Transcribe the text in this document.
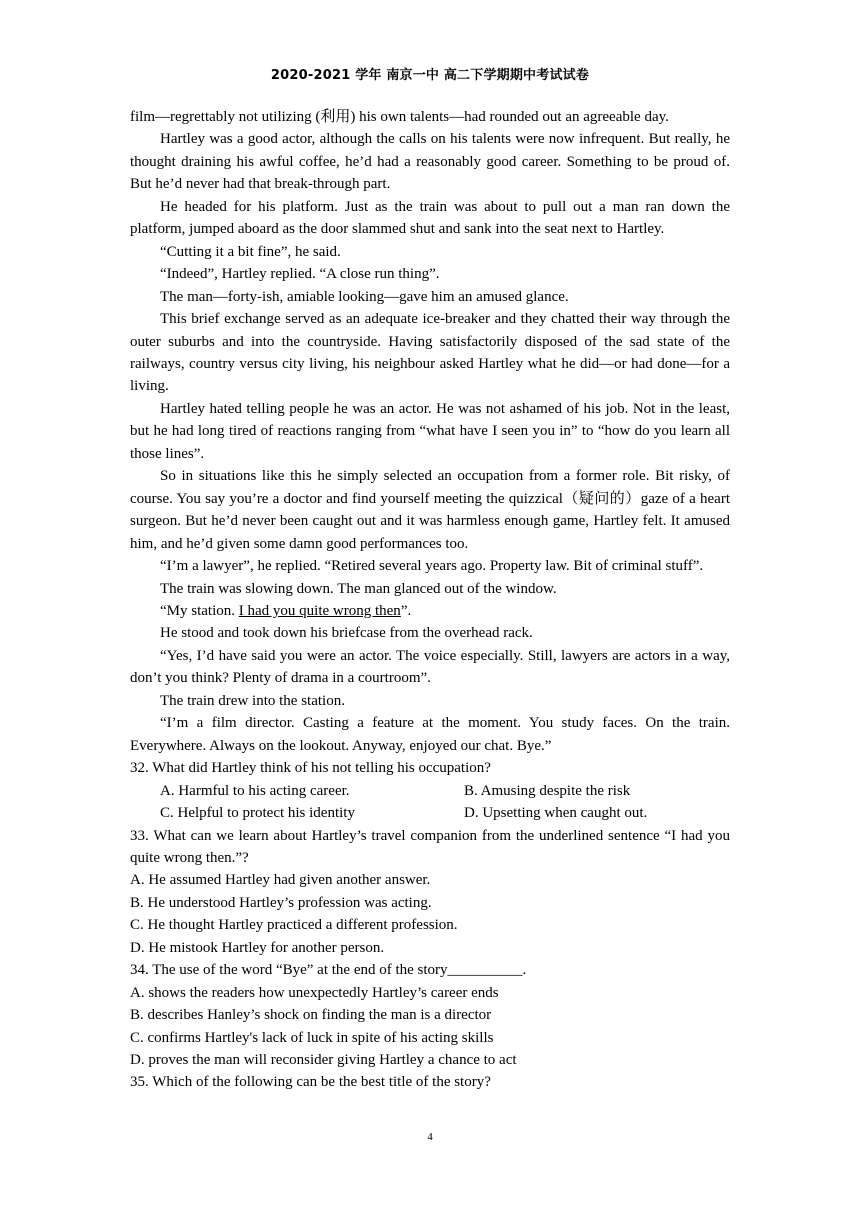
2020-2021 学年 南京一中 高二下学期期中考试试卷

film—regrettably not utilizing (利用) his own talents—had rounded out an agreeable day.

Hartley was a good actor, although the calls on his talents were now infrequent. But really, he thought draining his awful coffee, he’d had a reasonably good career. Something to be proud of. But he’d never had that break-through part.

He headed for his platform. Just as the train was about to pull out a man ran down the platform, jumped aboard as the door slammed shut and sank into the seat next to Hartley.

“Cutting it a bit fine”, he said.

“Indeed”, Hartley replied. “A close run thing”.

The man—forty-ish, amiable looking—gave him an amused glance.

This brief exchange served as an adequate ice-breaker and they chatted their way through the outer suburbs and into the countryside. Having satisfactorily disposed of the sad state of the railways, country versus city living, his neighbour asked Hartley what he did—or had done—for a living.

Hartley hated telling people he was an actor. He was not ashamed of his job. Not in the least, but he had long tired of reactions ranging from “what have I seen you in” to “how do you learn all those lines”.

So in situations like this he simply selected an occupation from a former role. Bit risky, of course. You say you’re a doctor and find yourself meeting the quizzical（疑问的）gaze of a heart surgeon. But he’d never been caught out and it was harmless enough game, Hartley felt. It amused him, and he’d given some damn good performances too.

“I’m a lawyer”, he replied. “Retired several years ago. Property law. Bit of criminal stuff”.

The train was slowing down. The man glanced out of the window.

“My station. I had you quite wrong then”.

He stood and took down his briefcase from the overhead rack.

“Yes, I’d have said you were an actor. The voice especially. Still, lawyers are actors in a way, don’t you think? Plenty of drama in a courtroom”.

The train drew into the station.

“I’m a film director. Casting a feature at the moment. You study faces. On the train. Everywhere. Always on the lookout. Anyway, enjoyed our chat. Bye.”

32. What did Hartley think of his not telling his occupation?

A. Harmful to his acting career.	B. Amusing despite the risk
C. Helpful to protect his identity	D. Upsetting when caught out.

33. What can we learn about Hartley’s travel companion from the underlined sentence “I had you quite wrong then.”?

A. He assumed Hartley had given another answer.

B. He understood Hartley’s profession was acting.

C. He thought Hartley practiced a different profession.

D. He mistook Hartley for another person.

34. The use of the word “Bye” at the end of the story__________.

A. shows the readers how unexpectedly Hartley’s career ends

B. describes Hanley’s shock on finding the man is a director

C. confirms Hartley's lack of luck in spite of his acting skills

D. proves the man will reconsider giving Hartley a chance to act

35. Which of the following can be the best title of the story?

4
